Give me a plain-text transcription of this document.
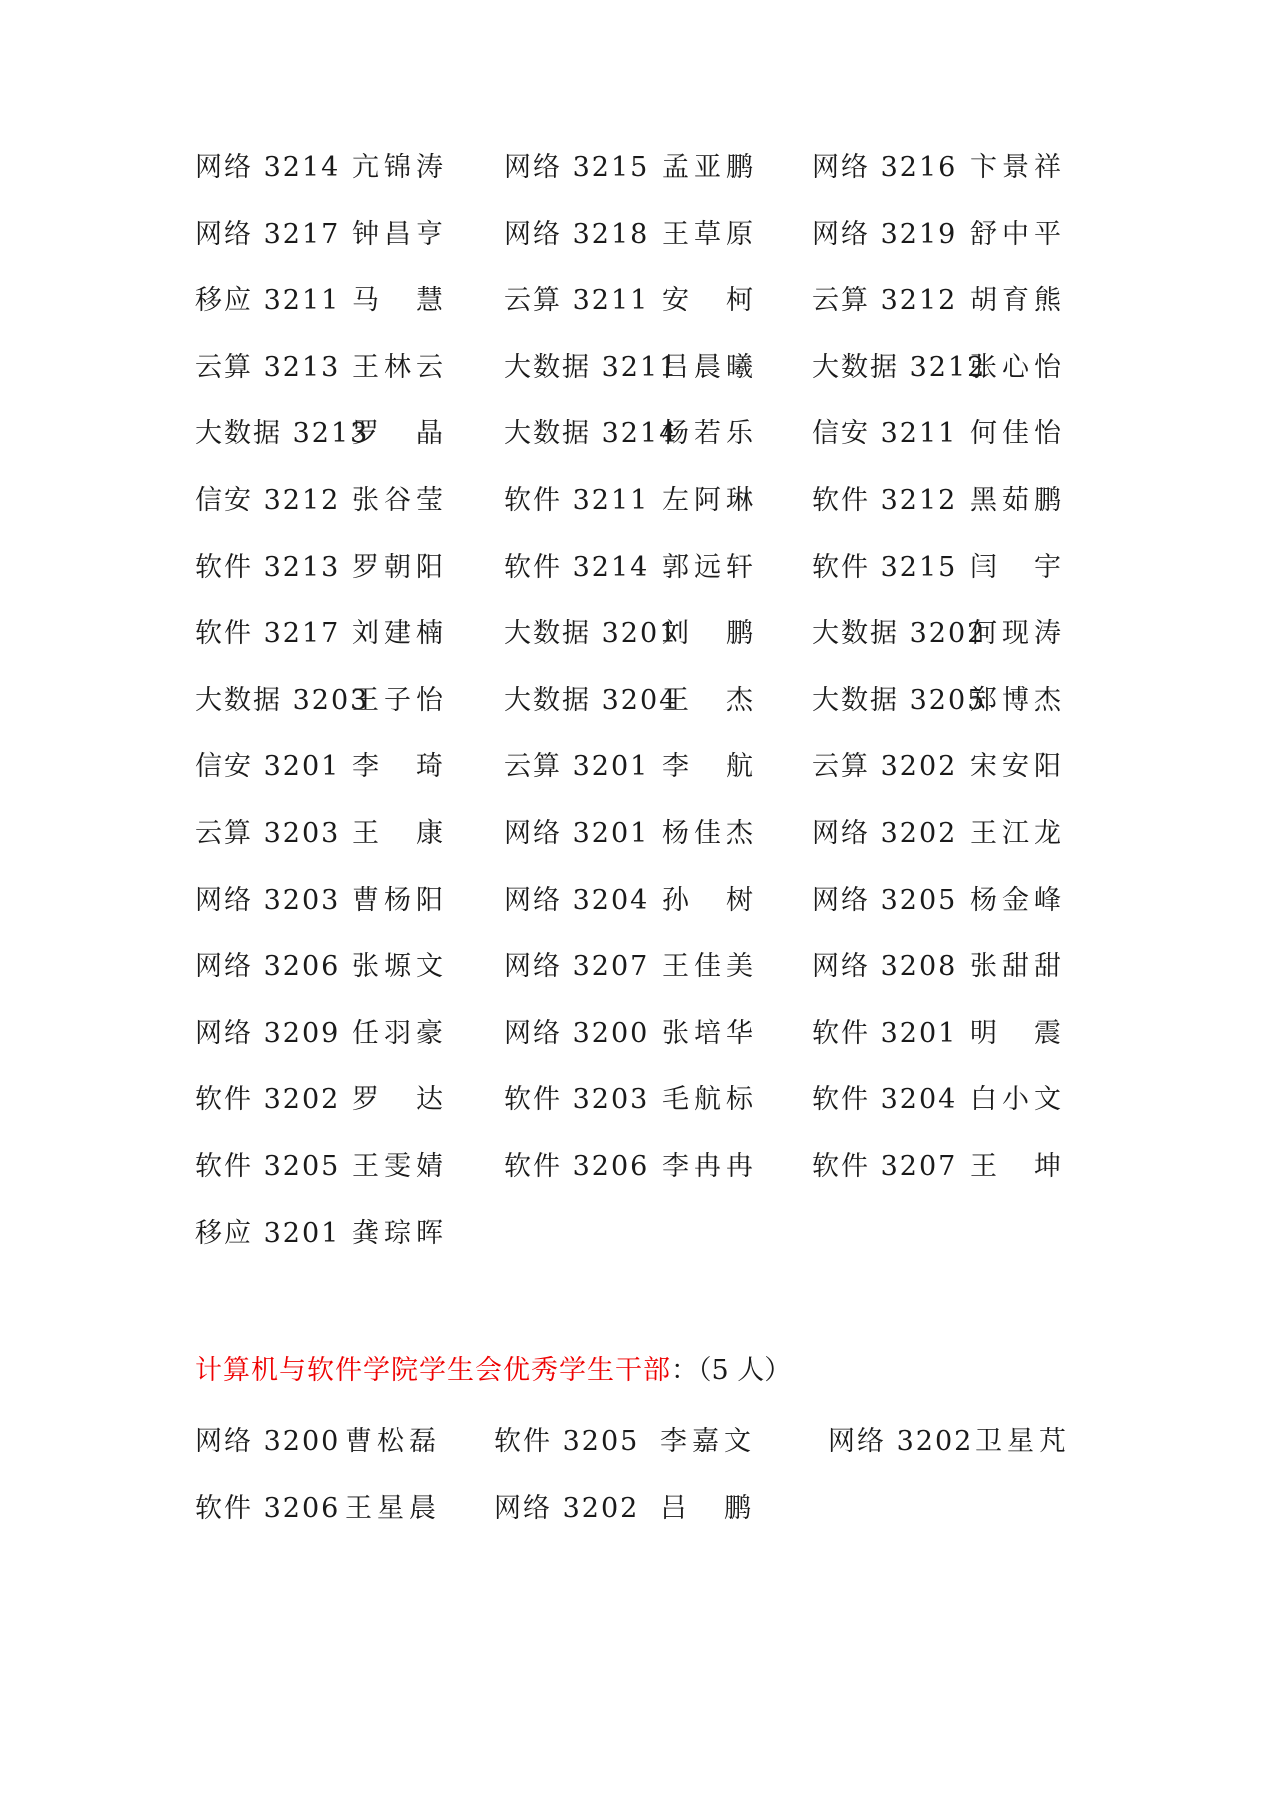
网络 3214 亢锦涛 网络 3215 孟亚鹏 网络 3216 卞景祥
网络 3217 钟昌亨 网络 3218 王草原 网络 3219 舒中平
移应 3211 马　慧 云算 3211 安　柯 云算 3212 胡育熊
云算 3213 王林云 大数据 3211
吕晨曦 大数据 3212
张心怡
大数据 3213
罗　晶 大数据 3214
杨若乐 信安 3211 何佳怡
信安 3212 张谷莹 软件 3211 左阿琳 软件 3212 黑茹鹏
软件 3213 罗朝阳 软件 3214 郭远轩 软件 3215 闫　宇
软件 3217 刘建楠 大数据 3201
刘　鹏 大数据 3202
何现涛
大数据 3203
王子怡 大数据 3204
王　杰 大数据 3205
郑博杰
信安 3201 李　琦 云算 3201 李　航 云算 3202 宋安阳
云算 3203 王　康 网络 3201 杨佳杰 网络 3202 王江龙
网络 3203 曹杨阳 网络 3204 孙　树 网络 3205 杨金峰
网络 3206 张塬文 网络 3207 王佳美 网络 3208 张甜甜
网络 3209 任羽豪 网络 3200 张培华 软件 3201 明　震
软件 3202 罗　达 软件 3203 毛航标 软件 3204 白小文
软件 3205 王雯婧 软件 3206 李冉冉 软件 3207 王　坤
移应 3201 龚琮晖
计算机与软件学院学生会优秀学生干部：（5 人）
网络 3200 曹松磊 软件 3205 李嘉文	网络 3202 卫星芃
软件 3206 王星晨 网络 3202 吕　鹏
